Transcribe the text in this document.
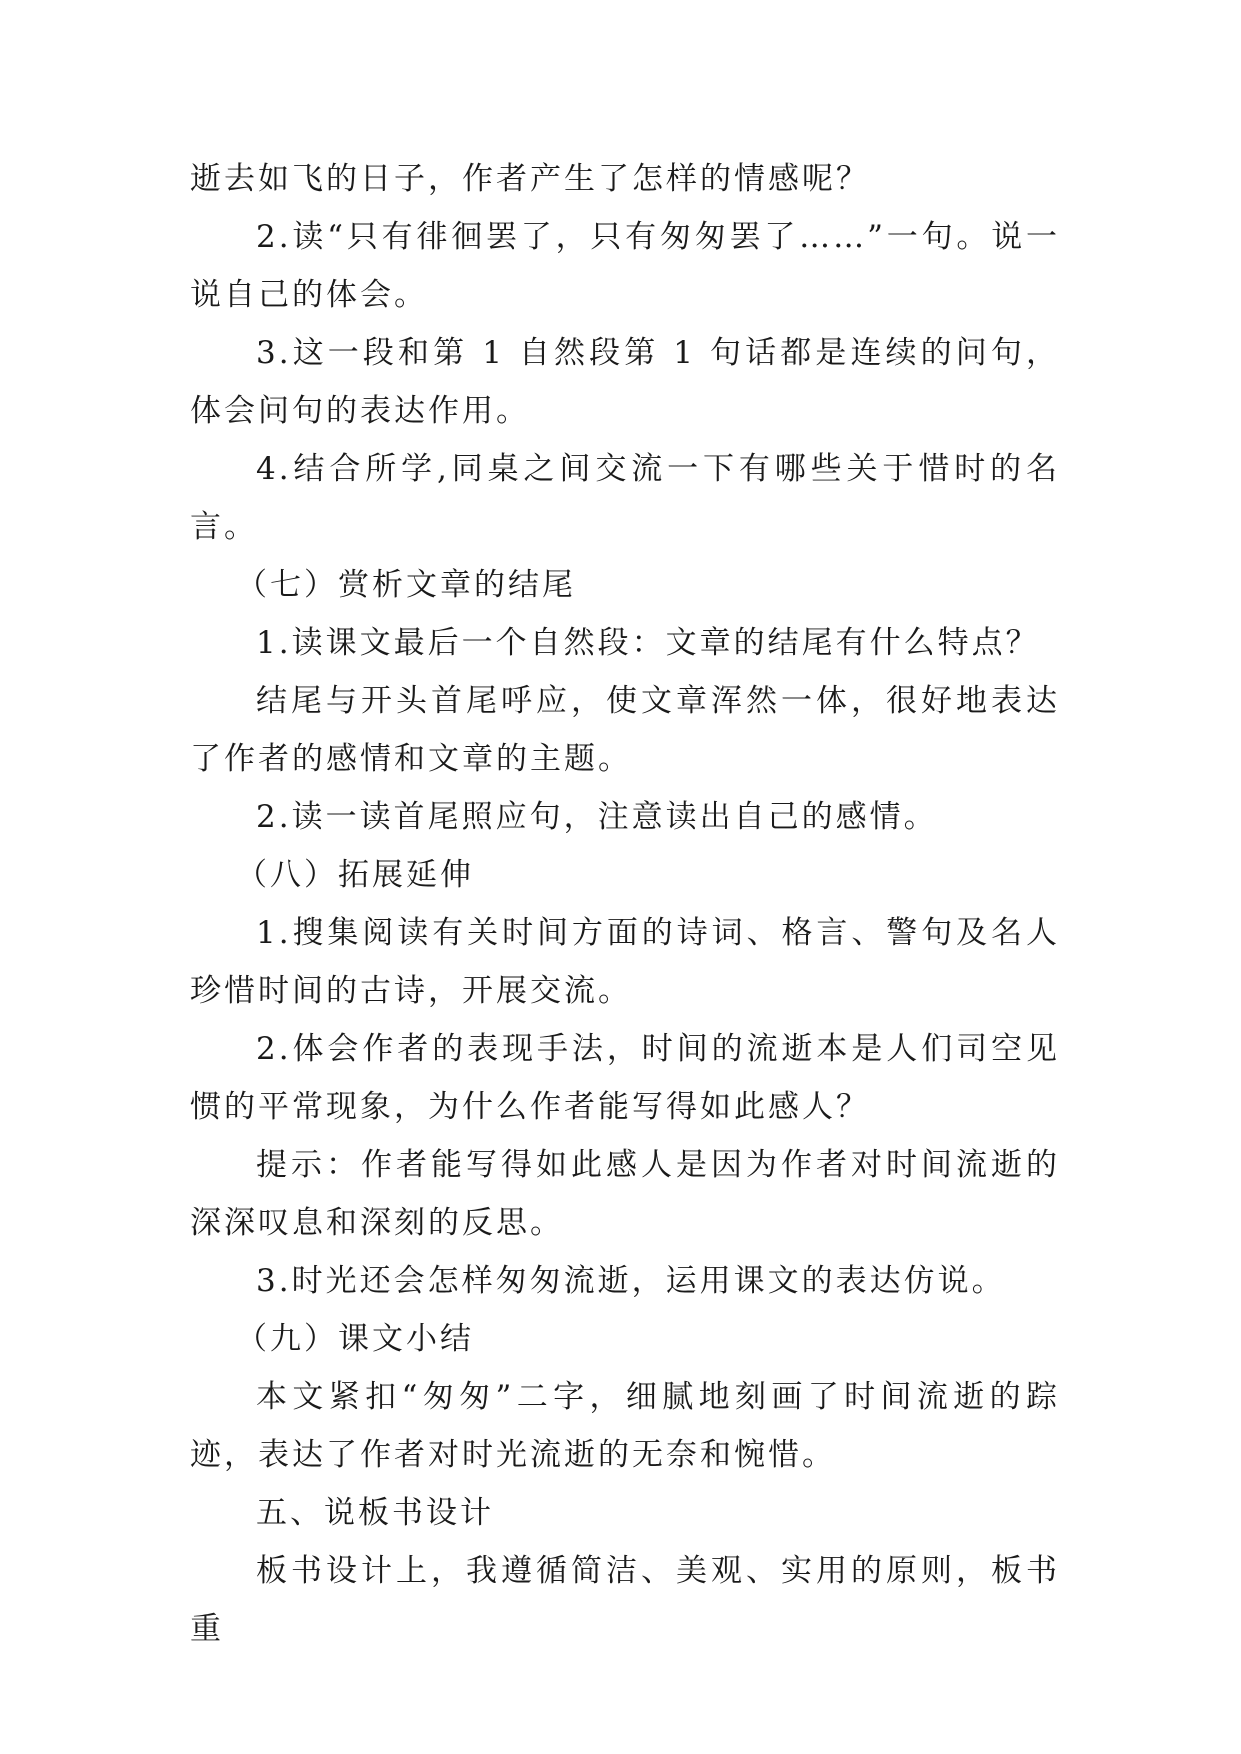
逝去如飞的日子，作者产生了怎样的情感呢？

2.读“只有徘徊罢了，只有匆匆罢了……”一句。说一说自己的体会。

3.这一段和第 1 自然段第 1 句话都是连续的问句，体会问句的表达作用。

4.结合所学,同桌之间交流一下有哪些关于惜时的名言。

（七）赏析文章的结尾

1.读课文最后一个自然段：文章的结尾有什么特点？

结尾与开头首尾呼应，使文章浑然一体，很好地表达了作者的感情和文章的主题。

2.读一读首尾照应句，注意读出自己的感情。

（八）拓展延伸

1.搜集阅读有关时间方面的诗词、格言、警句及名人珍惜时间的古诗，开展交流。

2.体会作者的表现手法，时间的流逝本是人们司空见惯的平常现象，为什么作者能写得如此感人？

提示：作者能写得如此感人是因为作者对时间流逝的深深叹息和深刻的反思。

3.时光还会怎样匆匆流逝，运用课文的表达仿说。

（九）课文小结

本文紧扣“匆匆”二字，细腻地刻画了时间流逝的踪迹，表达了作者对时光流逝的无奈和惋惜。

五、说板书设计

板书设计上，我遵循简洁、美观、实用的原则，板书重
